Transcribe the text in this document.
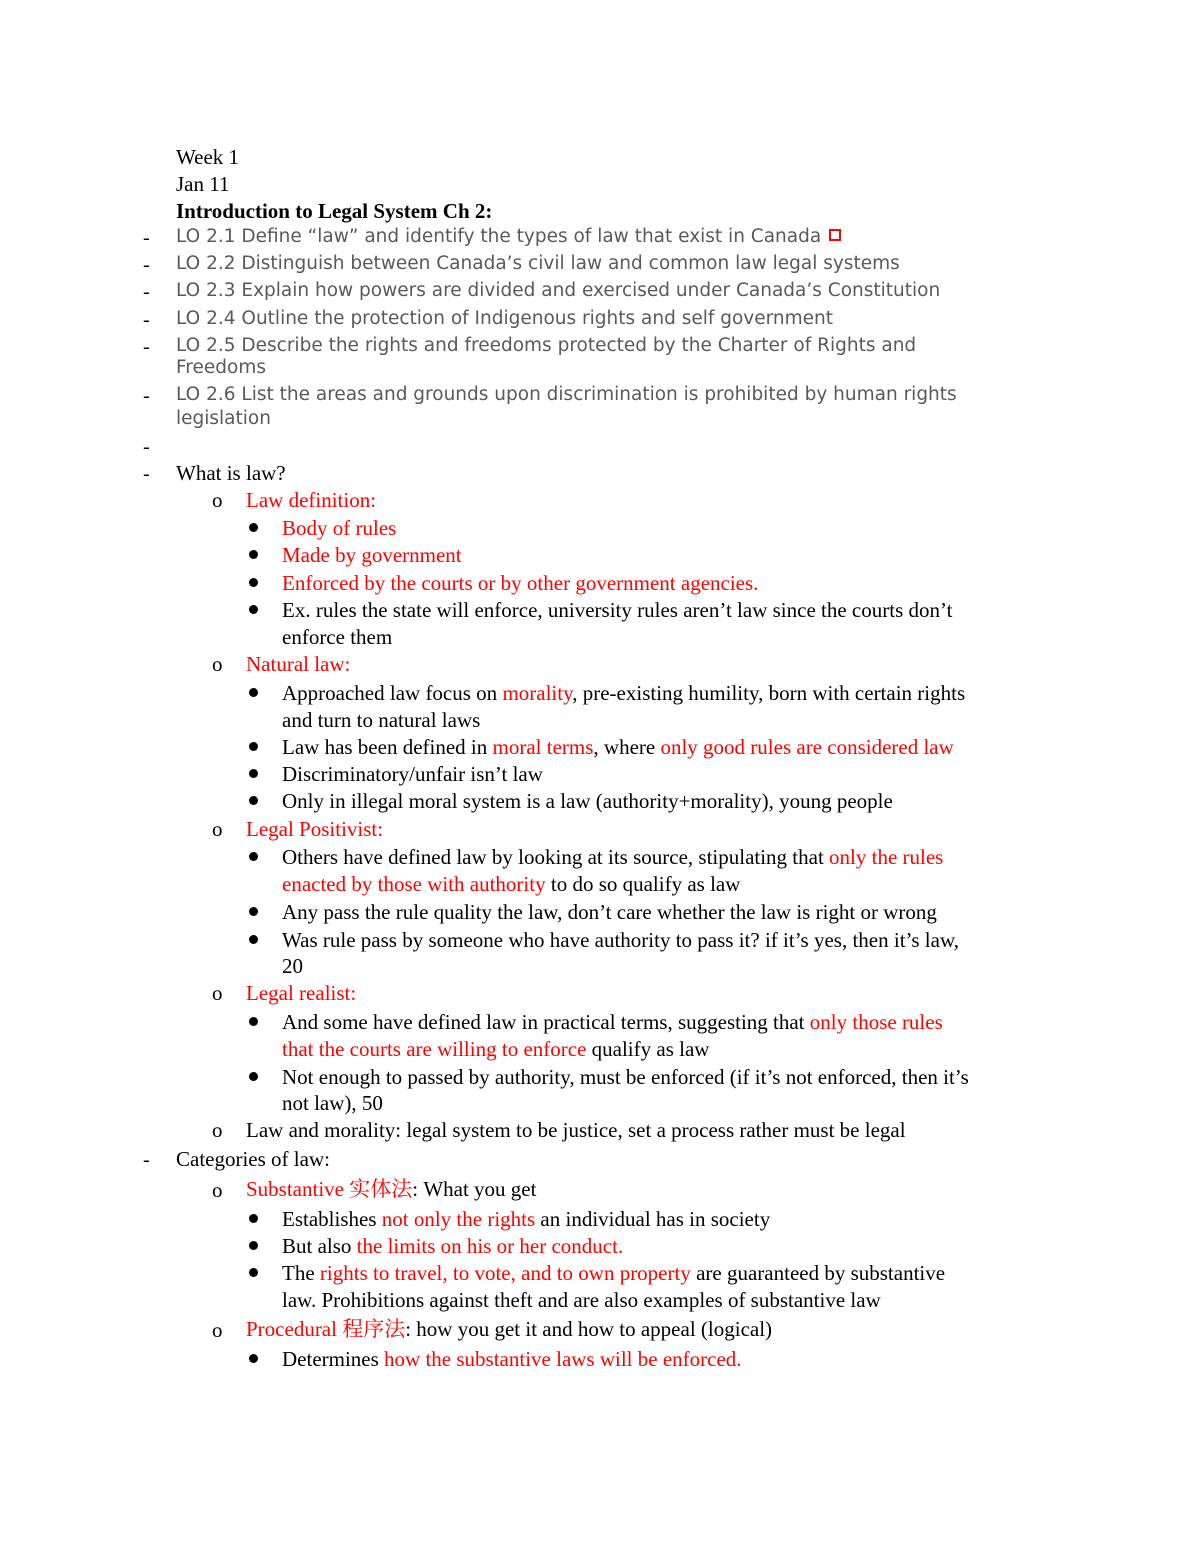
Week 1
Jan 11
Introduction to Legal System Ch 2:
- LO 2.1 Define “law” and identify the types of law that exist in Canada
- LO 2.2 Distinguish between Canada’s civil law and common law legal systems
- LO 2.3 Explain how powers are divided and exercised under Canada’s Constitution
- LO 2.4 Outline the protection of Indigenous rights and self government
- LO 2.5 Describe the rights and freedoms protected by the Charter of Rights and
Freedoms
- LO 2.6 List the areas and grounds upon discrimination is prohibited by human rights
legislation
-
- What is law?
o Law definition:
Body of rules
Made by government
Enforced by the courts or by other government agencies.
Ex. rules the state will enforce, university rules aren’t law since the courts don’t
enforce them
o Natural law:
Approached law focus on morality, pre-existing humility, born with certain rights
and turn to natural laws
Law has been defined in moral terms, where only good rules are considered law
Discriminatory/unfair isn’t law
Only in illegal moral system is a law (authority+morality), young people
o Legal Positivist:
Others have defined law by looking at its source, stipulating that only the rules
enacted by those with authority to do so qualify as law
Any pass the rule quality the law, don’t care whether the law is right or wrong
Was rule pass by someone who have authority to pass it? if it’s yes, then it’s law,
20
o Legal realist:
And some have defined law in practical terms, suggesting that only those rules
that the courts are willing to enforce qualify as law
Not enough to passed by authority, must be enforced (if it’s not enforced, then it’s
not law), 50
o Law and morality: legal system to be justice, set a process rather must be legal
- Categories of law:
o Substantive 实体法: What you get
Establishes not only the rights an individual has in society
But also the limits on his or her conduct.
The rights to travel, to vote, and to own property are guaranteed by substantive
law. Prohibitions against theft and are also examples of substantive law
o Procedural 程序法: how you get it and how to appeal (logical)
Determines how the substantive laws will be enforced.
